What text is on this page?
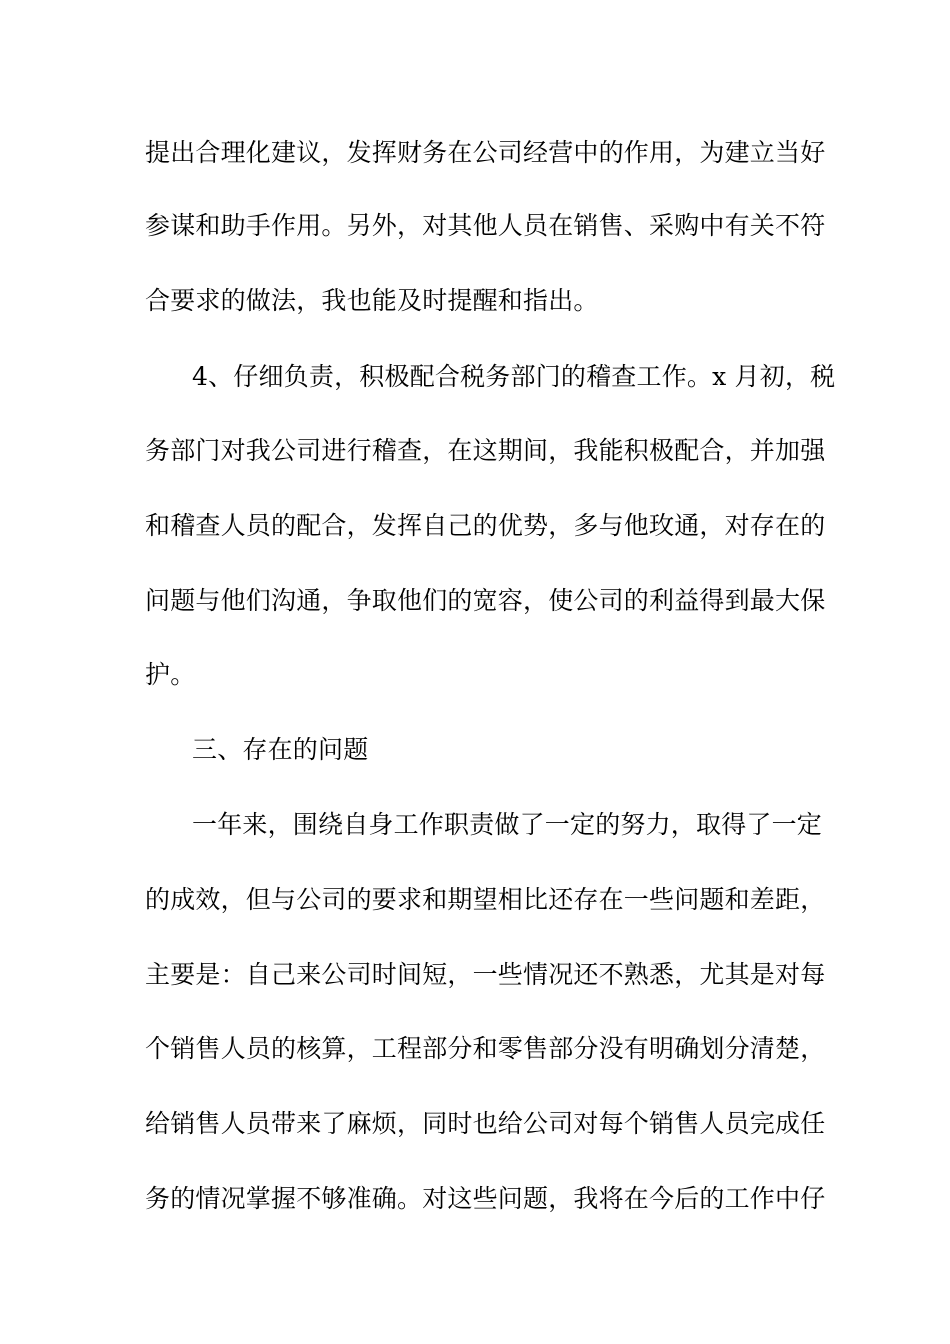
提出合理化建议，发挥财务在公司经营中的作用，为建立当好
参谋和助手作用。另外，对其他人员在销售、采购中有关不符
合要求的做法，我也能及时提醒和指出。
4、仔细负责，积极配合税务部门的稽查工作。x 月初，税
务部门对我公司进行稽查，在这期间，我能积极配合，并加强
和稽查人员的配合，发挥自己的优势，多与他玫通，对存在的
问题与他们沟通，争取他们的宽容，使公司的利益得到最大保
护。
三、存在的问题
一年来，围绕自身工作职责做了一定的努力，取得了一定
的成效，但与公司的要求和期望相比还存在一些问题和差距，
主要是：自己来公司时间短，一些情况还不熟悉，尤其是对每
个销售人员的核算，工程部分和零售部分没有明确划分清楚，
给销售人员带来了麻烦，同时也给公司对每个销售人员完成任
务的情况掌握不够准确。对这些问题，我将在今后的工作中仔
